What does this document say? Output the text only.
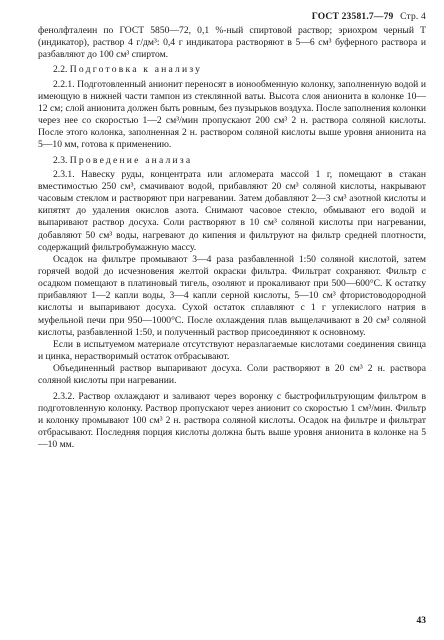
ГОСТ 23581.7—79 Стр. 4

фенолфталеин по ГОСТ 5850—72, 0,1 %-ный спиртовой раствор; эриохром черный Т (индикатор), раствор 4 г/дм³: 0,4 г индикатора растворяют в 5—6 см³ буферного раствора и разбавляют до 100 см³ спиртом.

2.2. Подготовка к анализу

2.2.1. Подготовленный анионит переносят в ионообменную колонку, заполненную водой и имеющую в нижней части тампон из стеклянной ваты. Высота слоя анионита в колонке 10—12 см; слой анионита должен быть ровным, без пузырьков воздуха. После заполнения колонки через нее со скоростью 1—2 см³/мин пропускают 200 см³ 2 н. раствора соляной кислоты. После этого колонка, заполненная 2 н. раствором соляной кислоты выше уровня анионита на 5—10 мм, готова к применению.

2.3. Проведение анализа

2.3.1. Навеску руды, концентрата или агломерата массой 1 г, помещают в стакан вместимостью 250 см³, смачивают водой, прибавляют 20 см³ соляной кислоты, накрывают часовым стеклом и растворяют при нагревании. Затем добавляют 2—3 см³ азотной кислоты и кипятят до удаления окислов азота. Снимают часовое стекло, обмывают его водой и выпаривают раствор досуха. Соли растворяют в 10 см³ соляной кислоты при нагревании, добавляют 50 см³ воды, нагревают до кипения и фильтруют на фильтр средней плотности, содержащий фильтробумажную массу.

Осадок на фильтре промывают 3—4 раза разбавленной 1:50 соляной кислотой, затем горячей водой до исчезновения желтой окраски фильтра. Фильтрат сохраняют. Фильтр с осадком помещают в платиновый тигель, озоляют и прокаливают при 500—600°С. К остатку прибавляют 1—2 капли воды, 3—4 капли серной кислоты, 5—10 см³ фтористоводородной кислоты и выпаривают досуха. Сухой остаток сплавляют с 1 г углекислого натрия в муфельной печи при 950—1000°С. После охлаждения плав выщелачивают в 20 см³ соляной кислоты, разбавленной 1:50, и полученный раствор присоединяют к основному.

Если в испытуемом материале отсутствуют неразлагаемые кислотами соединения свинца и цинка, нерастворимый остаток отбрасывают.

Объединенный раствор выпаривают досуха. Соли растворяют в 20 см³ 2 н. раствора соляной кислоты при нагревании.

2.3.2. Раствор охлаждают и заливают через воронку с быстрофильтрующим фильтром в подготовленную колонку. Раствор пропускают через анионит со скоростью 1 см³/мин. Фильтр и колонку промывают 100 см³ 2 н. раствора соляной кислоты. Осадок на фильтре и фильтрат отбрасывают. Последняя порция кислоты должна быть выше уровня анионита в колонке на 5—10 мм.

43
